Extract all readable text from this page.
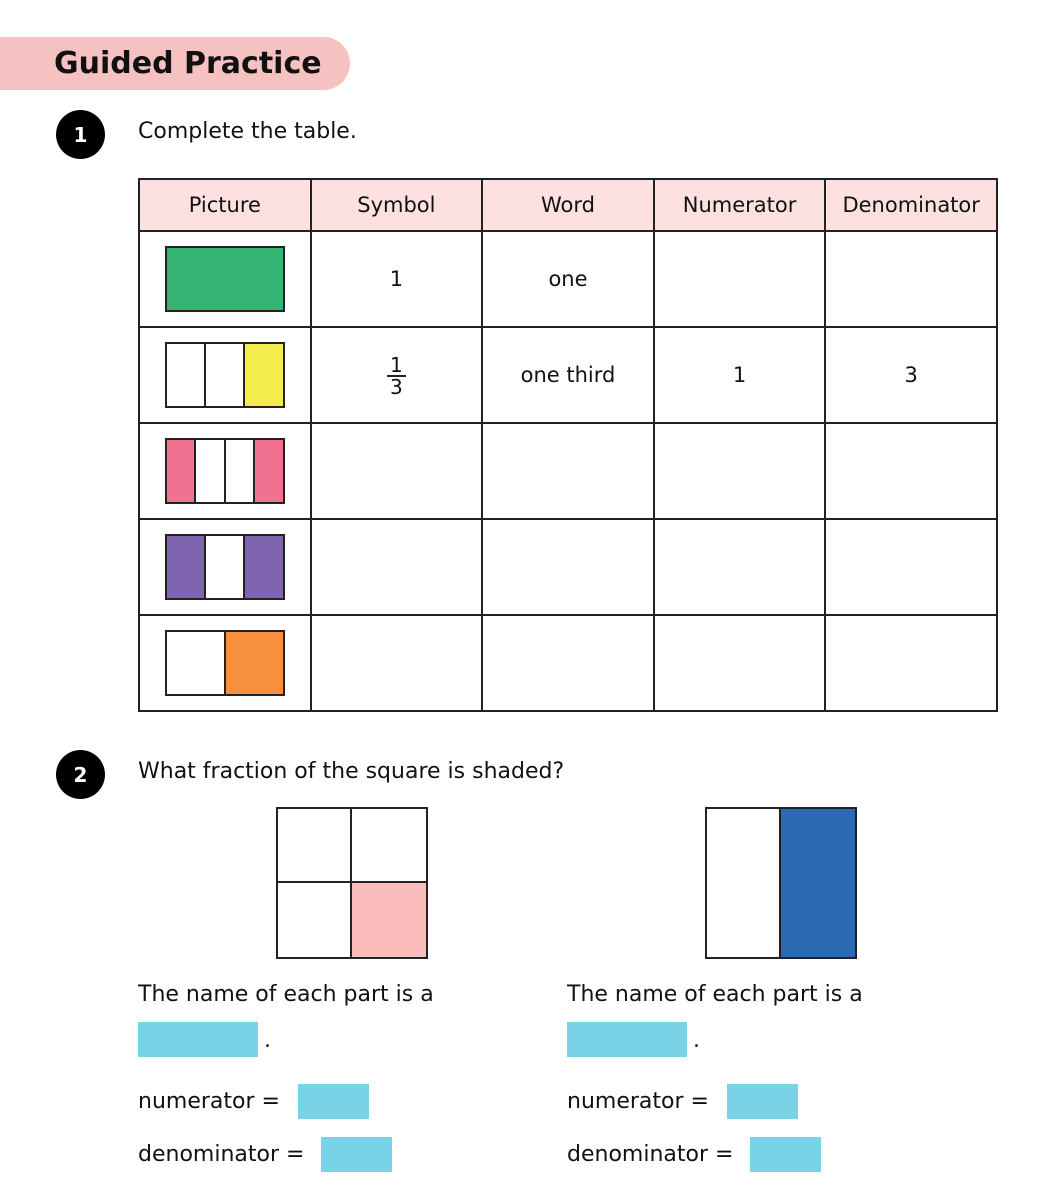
Guided Practice
1	Complete the table.
Picture	Symbol	Word	Numerator	Denominator

	1	one		

	$\frac{1}{3}$	one third	1	3

2	What fraction of the square is shaded?
The name of each part is a
.
numerator =
denominator =
The name of each part is a
.
numerator =
denominator =
